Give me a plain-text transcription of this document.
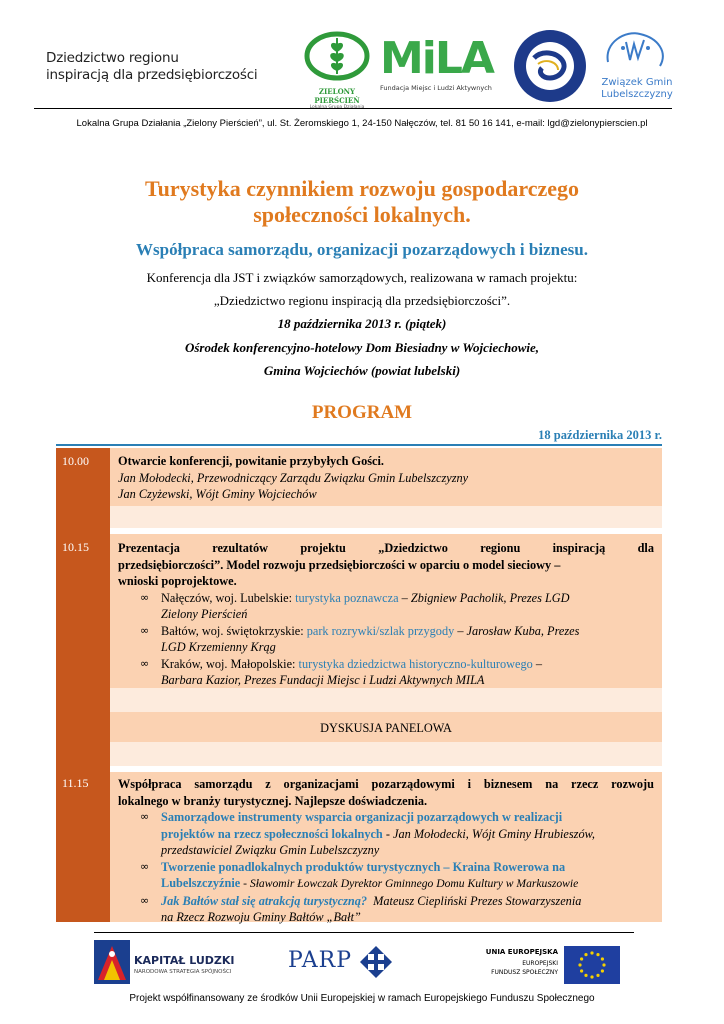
Dziedzictwo regionu
inspiracją dla przedsiębiorczości
ZIELONY PIERŚCIEŃ
MiLA
Fundacja Miejsc i Ludzi Aktywnych	Związek Gmin
Lubelszczyzny
Lokalna Grupa Działania „Zielony Pierścień”, ul. St. Żeromskiego 1, 24-150 Nałęczów, tel. 81 50 16 141, e-mail: lgd@zielonypierscien.pl
Turystyka czynnikiem rozwoju gospodarczego
społeczności lokalnych.
Współpraca samorządu, organizacji pozarządowych i biznesu.
Konferencja dla JST i związków samorządowych, realizowana w ramach projektu:
„Dziedzictwo regionu inspiracją dla przedsiębiorczości”.
18 października 2013 r. (piątek)
Ośrodek konferencyjno-hotelowy Dom Biesiadny w Wojciechowie,
Gmina Wojciechów (powiat lubelski)
PROGRAM
18 października 2013 r.
10.00 Otwarcie konferencji, powitanie przybyłych Gości.
Jan Mołodecki, Przewodniczący Zarządu Związku Gmin Lubelszczyzny
Jan Czyżewski, Wójt Gminy Wojciechów
10.15 Prezentacja rezultatów projektu „Dziedzictwo regionu inspiracją dla
przedsiębiorczości”. Model rozwoju przedsiębiorczości w oparciu o model sieciowy –
wnioski poprojektowe.
∞ Nałęczów, woj. Lubelskie: turystyka poznawcza – Zbigniew Pacholik, Prezes LGD
Zielony Pierścień
∞ Bałtów, woj. świętokrzyskie: park rozrywki/szlak przygody – Jarosław Kuba, Prezes
LGD Krzemienny Krąg
∞ Kraków, woj. Małopolskie: turystyka dziedzictwa historyczno-kulturowego –
Barbara Kazior, Prezes Fundacji Miejsc i Ludzi Aktywnych MILA
DYSKUSJA PANELOWA
11.15 Współpraca samorządu z organizacjami pozarządowymi i biznesem na rzecz rozwoju
lokalnego w branży turystycznej. Najlepsze doświadczenia.
∞ Samorządowe instrumenty wsparcia organizacji pozarządowych w realizacji
projektów na rzecz społeczności lokalnych - Jan Mołodecki, Wójt Gminy Hrubieszów,
przedstawiciel Związku Gmin Lubelszczyzny
∞ Tworzenie ponadlokalnych produktów turystycznych – Kraina Rowerowa na
Lubelszczyźnie - Sławomir Łowczak Dyrektor Gminnego Domu Kultury w Markuszowie
∞ Jak Bałtów stał się atrakcją turystyczną?  Mateusz Ciepliński Prezes Stowarzyszenia
na Rzecz Rozwoju Gminy Bałtów „Bałt”
KAPITAŁ LUDZKI
NARODOWA STRATEGIA SPÓJNOŚCI	PARP	UNIA EUROPEJSKA
EUROPEJSKI
FUNDUSZ SPOŁECZNY
Projekt współfinansowany ze środków Unii Europejskiej w ramach Europejskiego Funduszu Społecznego
